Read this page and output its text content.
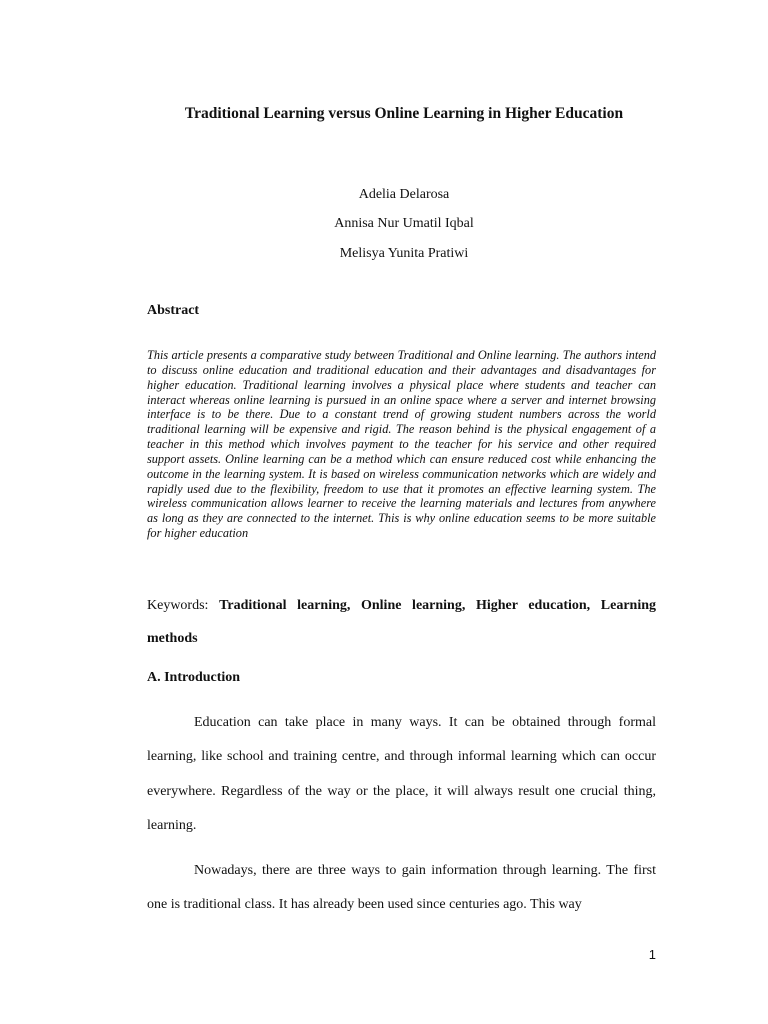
Traditional Learning versus Online Learning in Higher Education

Adelia Delarosa

Annisa Nur Umatil Iqbal

Melisya Yunita Pratiwi

Abstract

This article presents a comparative study between Traditional and Online learning. The authors intend to discuss online education and traditional education and their advantages and disadvantages for higher education. Traditional learning involves a physical place where students and teacher can interact whereas online learning is pursued in an online space where a server and internet browsing interface is to be there. Due to a constant trend of growing student numbers across the world traditional learning will be expensive and rigid. The reason behind is the physical engagement of a teacher in this method which involves payment to the teacher for his service and other required support assets. Online learning can be a method which can ensure reduced cost while enhancing the outcome in the learning system. It is based on wireless communication networks which are widely and rapidly used due to the flexibility, freedom to use that it promotes an effective learning system. The wireless communication allows learner to receive the learning materials and lectures from anywhere as long as they are connected to the internet. This is why online education seems to be more suitable for higher education

Keywords: Traditional learning, Online learning, Higher education, Learning methods

A. Introduction

Education can take place in many ways. It can be obtained through formal learning, like school and training centre, and through informal learning which can occur everywhere. Regardless of the way or the place, it will always result one crucial thing, learning.

Nowadays, there are three ways to gain information through learning. The first one is traditional class. It has already been used since centuries ago. This way

1
